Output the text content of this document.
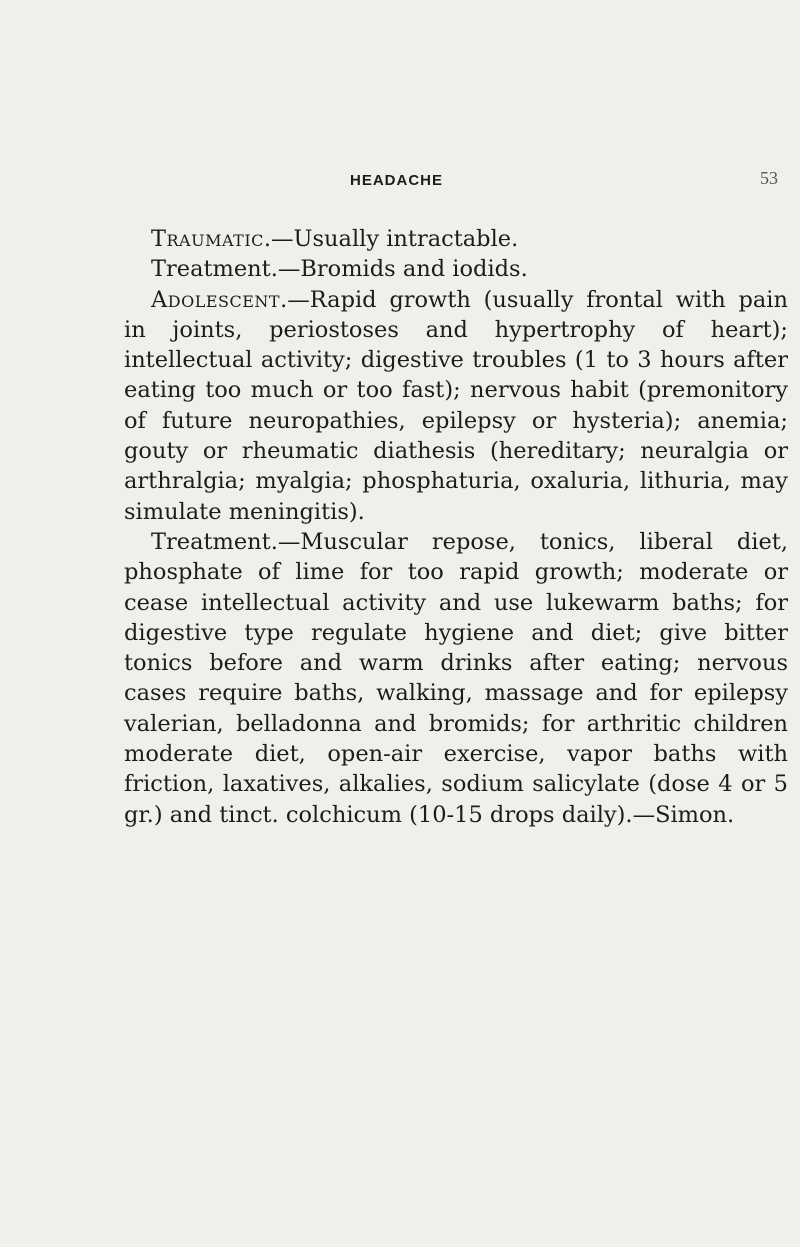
HEADACHE	53

Traumatic.—Usually intractable.

Treatment.—Bromids and iodids.

Adolescent.—Rapid growth (usually frontal with pain in joints, periostoses and hypertrophy of heart); intellectual activity; digestive troubles (1 to 3 hours after eating too much or too fast); nervous habit (premonitory of future neuropathies, epilepsy or hysteria); anemia; gouty or rheumatic diathesis (hereditary; neuralgia or arthralgia; myalgia; phosphaturia, oxaluria, lithuria, may simulate meningitis).

Treatment.—Muscular repose, tonics, liberal diet, phosphate of lime for too rapid growth; moderate or cease intellectual activity and use lukewarm baths; for digestive type regulate hygiene and diet; give bitter tonics before and warm drinks after eating; nervous cases require baths, walking, massage and for epilepsy valerian, belladonna and bromids; for arthritic children moderate diet, open-air exercise, vapor baths with friction, laxatives, alkalies, sodium salicylate (dose 4 or 5 gr.) and tinct. colchicum (10-15 drops daily).—Simon.
